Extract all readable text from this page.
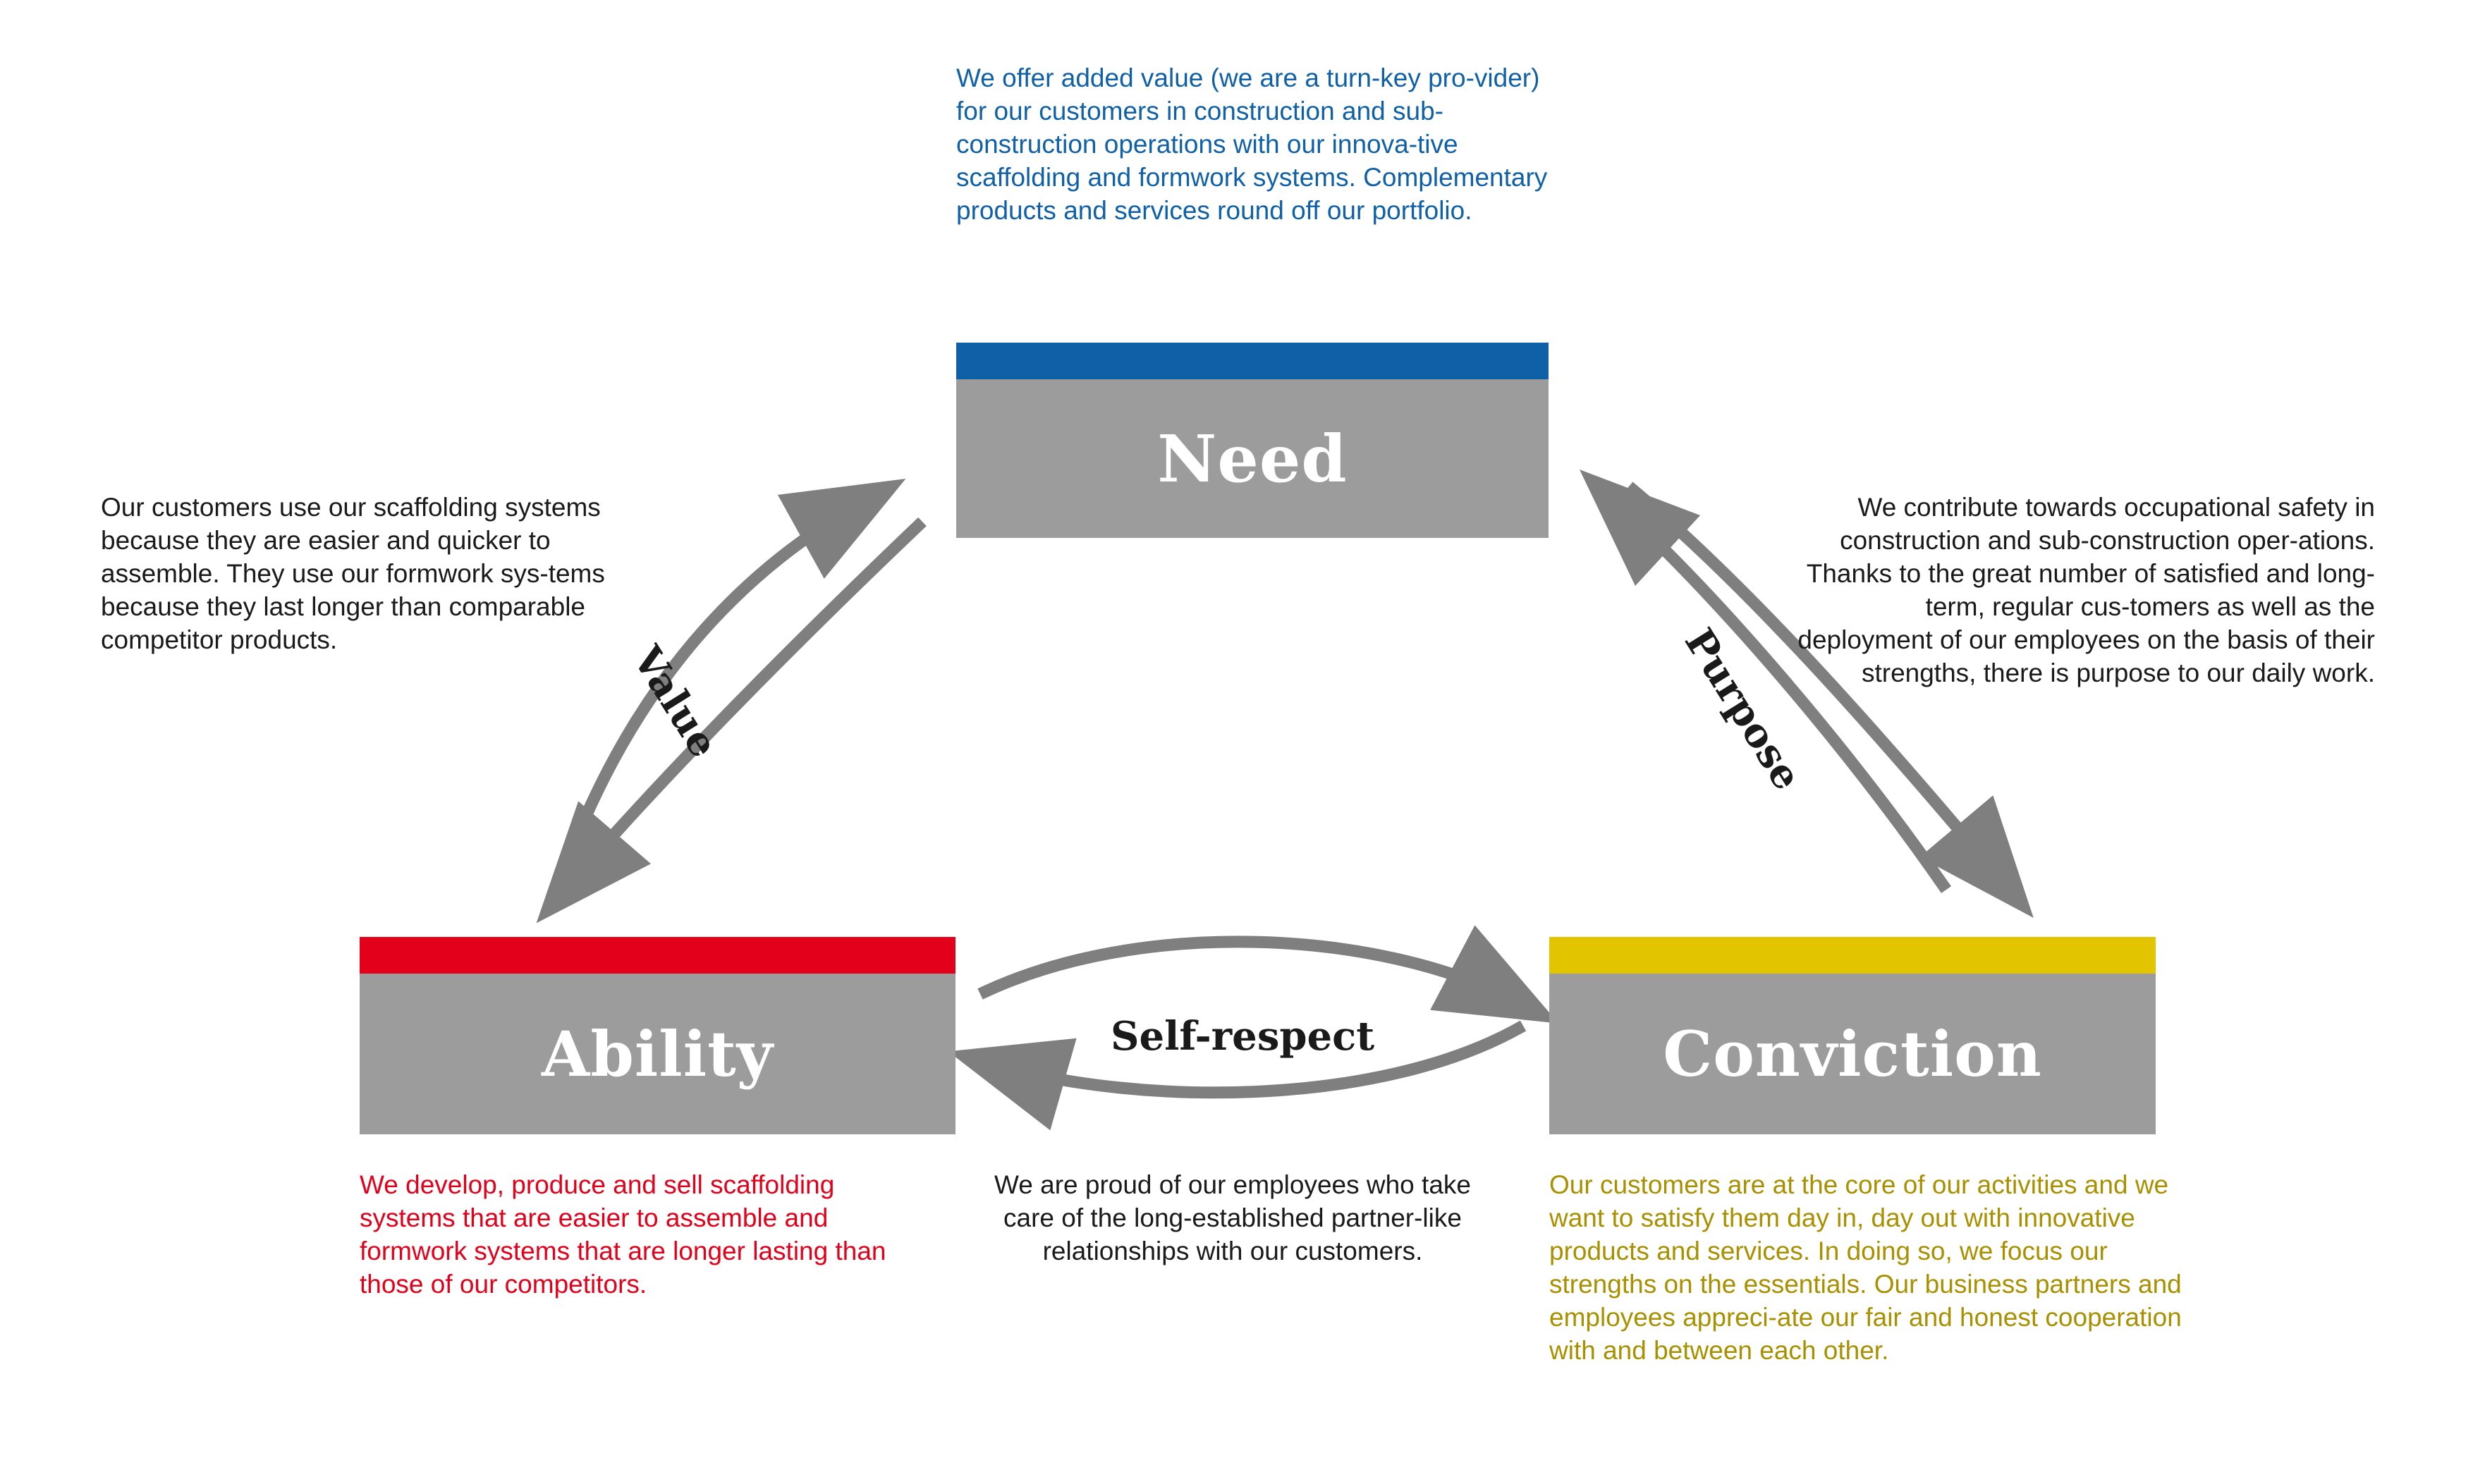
Need
Ability	Conviction
We offer added value (we are a turn-key pro-vider) for our customers in construction and sub-construction operations with our innova-tive scaffolding and formwork systems. Complementary products and services round off our portfolio.
Our customers use our scaffolding systems because they are easier and quicker to assemble. They use our formwork sys-tems because they last longer than comparable competitor products.
We contribute towards occupational safety in construction and sub-construction oper-ations. Thanks to the great number of satisfied and long-term, regular cus-tomers as well as the deployment of our employees on the basis of their strengths, there is purpose to our daily work.
We develop, produce and sell scaffolding systems that are easier to assemble and formwork systems that are longer lasting than those of our competitors.
We are proud of our employees who take care of the long-established partner-like relationships with our customers.
Our customers are at the core of our activities and we want to satisfy them day in, day out with innovative products and services. In doing so, we focus our strengths on the essentials. Our business partners and employees appreci-ate our fair and honest cooperation with and between each other.
Value	Purpose
Self-respect
